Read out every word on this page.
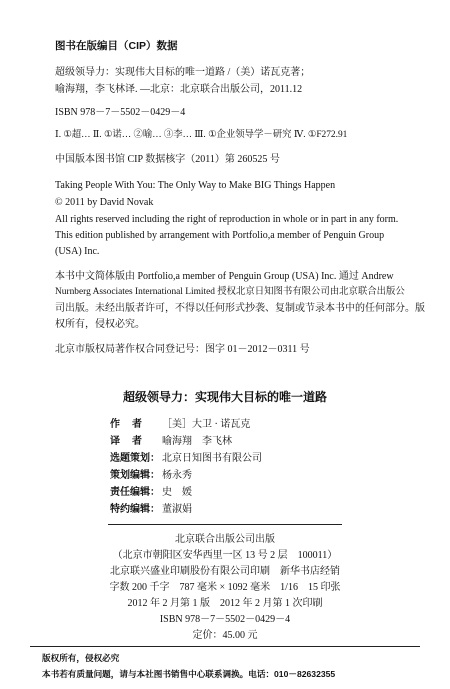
图书在版编目（CIP）数据
超级领导力：实现伟大目标的唯一道路 /（美）诺瓦克著；
喻海翔，李飞林译. —北京：北京联合出版公司，2011.12
ISBN 978－7－5502－0429－4
Ⅰ. ①超… Ⅱ. ①诺… ②喻… ③李… Ⅲ. ①企业领导学－研究 Ⅳ. ①F272.91
中国版本图书馆 CIP 数据核字（2011）第 260525 号
Taking People With You: The Only Way to Make BIG Things Happen
© 2011 by David Novak
All rights reserved including the right of reproduction in whole or in part in any form.
This edition published by arrangement with Portfolio,a member of Penguin Group
(USA) Inc.
本书中文简体版由 Portfolio,a member of Penguin Group (USA) Inc. 通过 Andrew
Nurnberg Associates International Limited 授权北京日知图书有限公司由北京联合出版公
司出版。未经出版者许可，不得以任何形式抄袭、复制或节录本书中的任何部分。版
权所有，侵权必究。
北京市版权局著作权合同登记号：图字 01－2012－0311 号
超级领导力：实现伟大目标的唯一道路
作者 ［美］大卫 · 诺瓦克
译者 喻海翔　李飞林
选题策划： 北京日知图书有限公司
策划编辑： 杨永秀
责任编辑： 史　媛
特约编辑： 董淑娟
北京联合出版公司出版
（北京市朝阳区安华西里一区 13 号 2 层　100011）
北京联兴盛业印刷股份有限公司印刷　新华书店经销
字数 200 千字　787 毫米 × 1092 毫米　1/16　15 印张
2012 年 2 月第 1 版　2012 年 2 月第 1 次印刷
ISBN 978－7－5502－0429－4
定价：45.00 元
版权所有，侵权必究
本书若有质量问题，请与本社图书销售中心联系调换。电话：010－82632355
